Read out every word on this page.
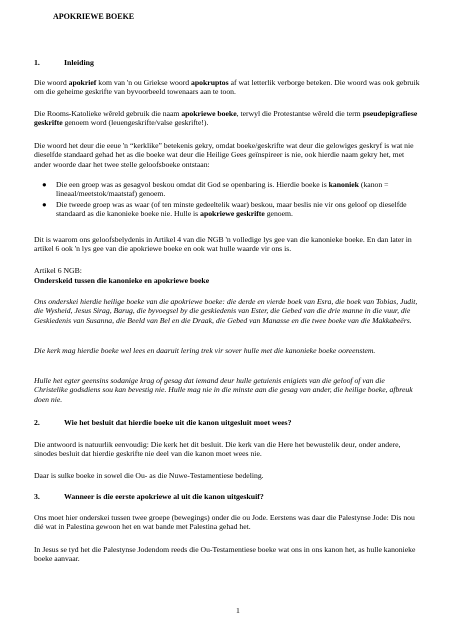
APOKRIEWE BOEKE
1.	Inleiding

Die woord apokrief kom van 'n ou Griekse woord apokruptos af wat letterlik verborge beteken. Die woord was ook gebruik om die geheime geskrifte van byvoorbeeld towenaars aan te toon.

Die Rooms-Katolieke wêreld gebruik die naam apokriewe boeke, terwyl die Protestantse wêreld die term pseudepigrafiese geskrifte genoem word (leuengeskrifte/valse geskrifte!).

Die woord het deur die eeue 'n “kerklike” betekenis gekry, omdat boeke/geskrifte wat deur die gelowiges geskryf is wat nie dieselfde standaard gehad het as die boeke wat deur die Heilige Gees geïnspireer is nie, ook hierdie naam gekry het, met ander woorde daar het twee stelle geloofsboeke ontstaan:

● Die een groep was as gesagvol beskou omdat dit God se openbaring is. Hierdie boeke is kanoniek (kanon = lineaal/meetstok/maatstaf) genoem.
● Die tweede groep was as waar (of ten minste gedeeltelik waar) beskou, maar beslis nie vir ons geloof op dieselfde standaard as die kanonieke boeke nie. Hulle is apokriewe geskrifte genoem.

Dit is waarom ons geloofsbelydenis in Artikel 4 van die NGB 'n volledige lys gee van die kanonieke boeke. En dan later in artikel 6 ook 'n lys gee van die apokriewe boeke en ook wat hulle waarde vir ons is.

Artikel 6 NGB:

Onderskeid tussen die kanonieke en apokriewe boeke

Ons onderskei hierdie heilige boeke van die apokriewe boeke: die derde en vierde boek van Esra, die boek van Tobias, Judit, die Wysheid, Jesus Sirag, Barug, die byvoegsel by die geskiedenis van Ester, die Gebed van die drie manne in die vuur, die Geskiedenis van Susanna, die Beeld van Bel en die Draak, die Gebed van Manasse en die twee boeke van die Makkabeërs.

Die kerk mag hierdie boeke wel lees en daaruit lering trek vir sover hulle met die kanonieke boeke ooreenstem.

Hulle het egter geensins sodanige krag of gesag dat iemand deur hulle getuienis enigiets van die geloof of van die Christelike godsdiens sou kan bevestig nie. Hulle mag nie in die minste aan die gesag van ander, die heilige boeke, afbreuk doen nie.

2.	Wie het besluit dat hierdie boeke uit die kanon uitgesluit moet wees?

Die antwoord is natuurlik eenvoudig: Die kerk het dit besluit. Die kerk van die Here het bewustelik deur, onder andere, sinodes besluit dat hierdie geskrifte nie deel van die kanon moet wees nie.

Daar is sulke boeke in sowel die Ou- as die Nuwe-Testamentiese bedeling.

3.	Wanneer is die eerste apokriewe al uit die kanon uitgeskuif?

Ons moet hier onderskei tussen twee groepe (bewegings) onder die ou Jode. Eerstens was daar die Palestynse Jode: Dis nou dié wat in Palestina gewoon het en wat bande met Palestina gehad het.

In Jesus se tyd het die Palestynse Jodendom reeds die Ou-Testamentiese boeke wat ons in ons kanon het, as hulle kanonieke boeke aanvaar.

1
